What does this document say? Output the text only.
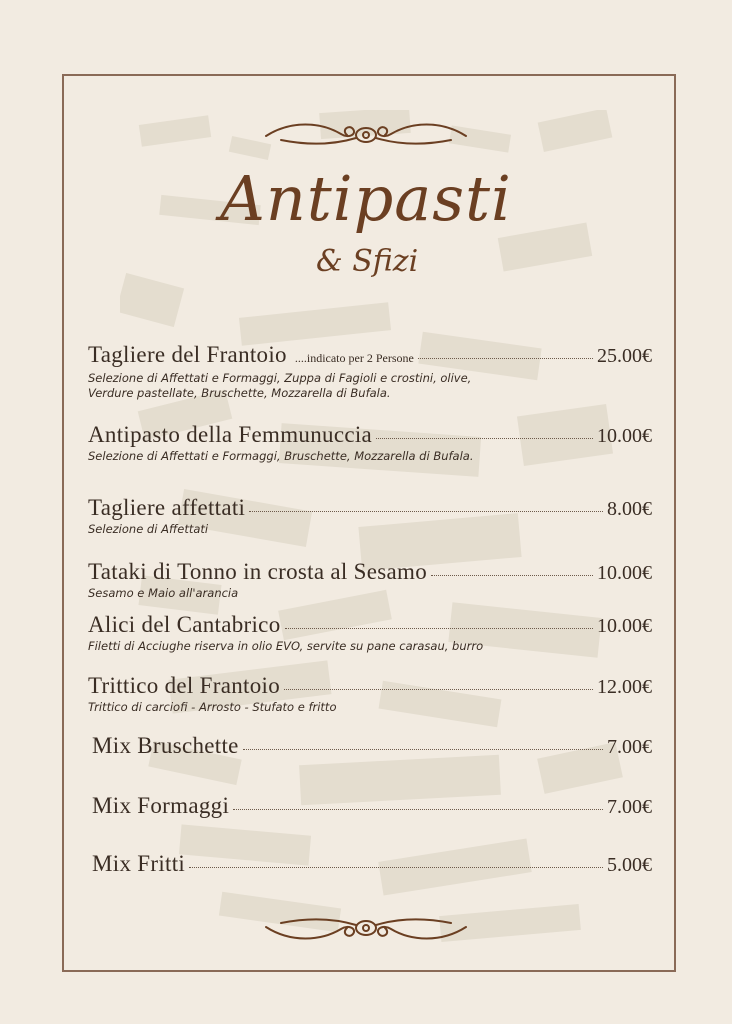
Antipasti
& Sfizi
Tagliere del Frantoio ....indicato per 2 Persone	25.00€
Selezione di Affettati e Formaggi, Zuppa di Fagioli e crostini, olive,
Verdure pastellate, Bruschette, Mozzarella di Bufala.
Antipasto della Femmunuccia	10.00€
Selezione di Affettati e Formaggi, Bruschette, Mozzarella di Bufala.
Tagliere affettati	8.00€
Selezione di Affettati
Tataki di Tonno in crosta al Sesamo	10.00€
Sesamo e Maio all'arancia
Alici del Cantabrico	10.00€
Filetti di Acciughe riserva in olio EVO, servite su pane carasau, burro
Trittico del Frantoio	12.00€
Trittico di carciofi - Arrosto - Stufato e fritto
Mix Bruschette	7.00€
Mix Formaggi	7.00€
Mix Fritti	5.00€
